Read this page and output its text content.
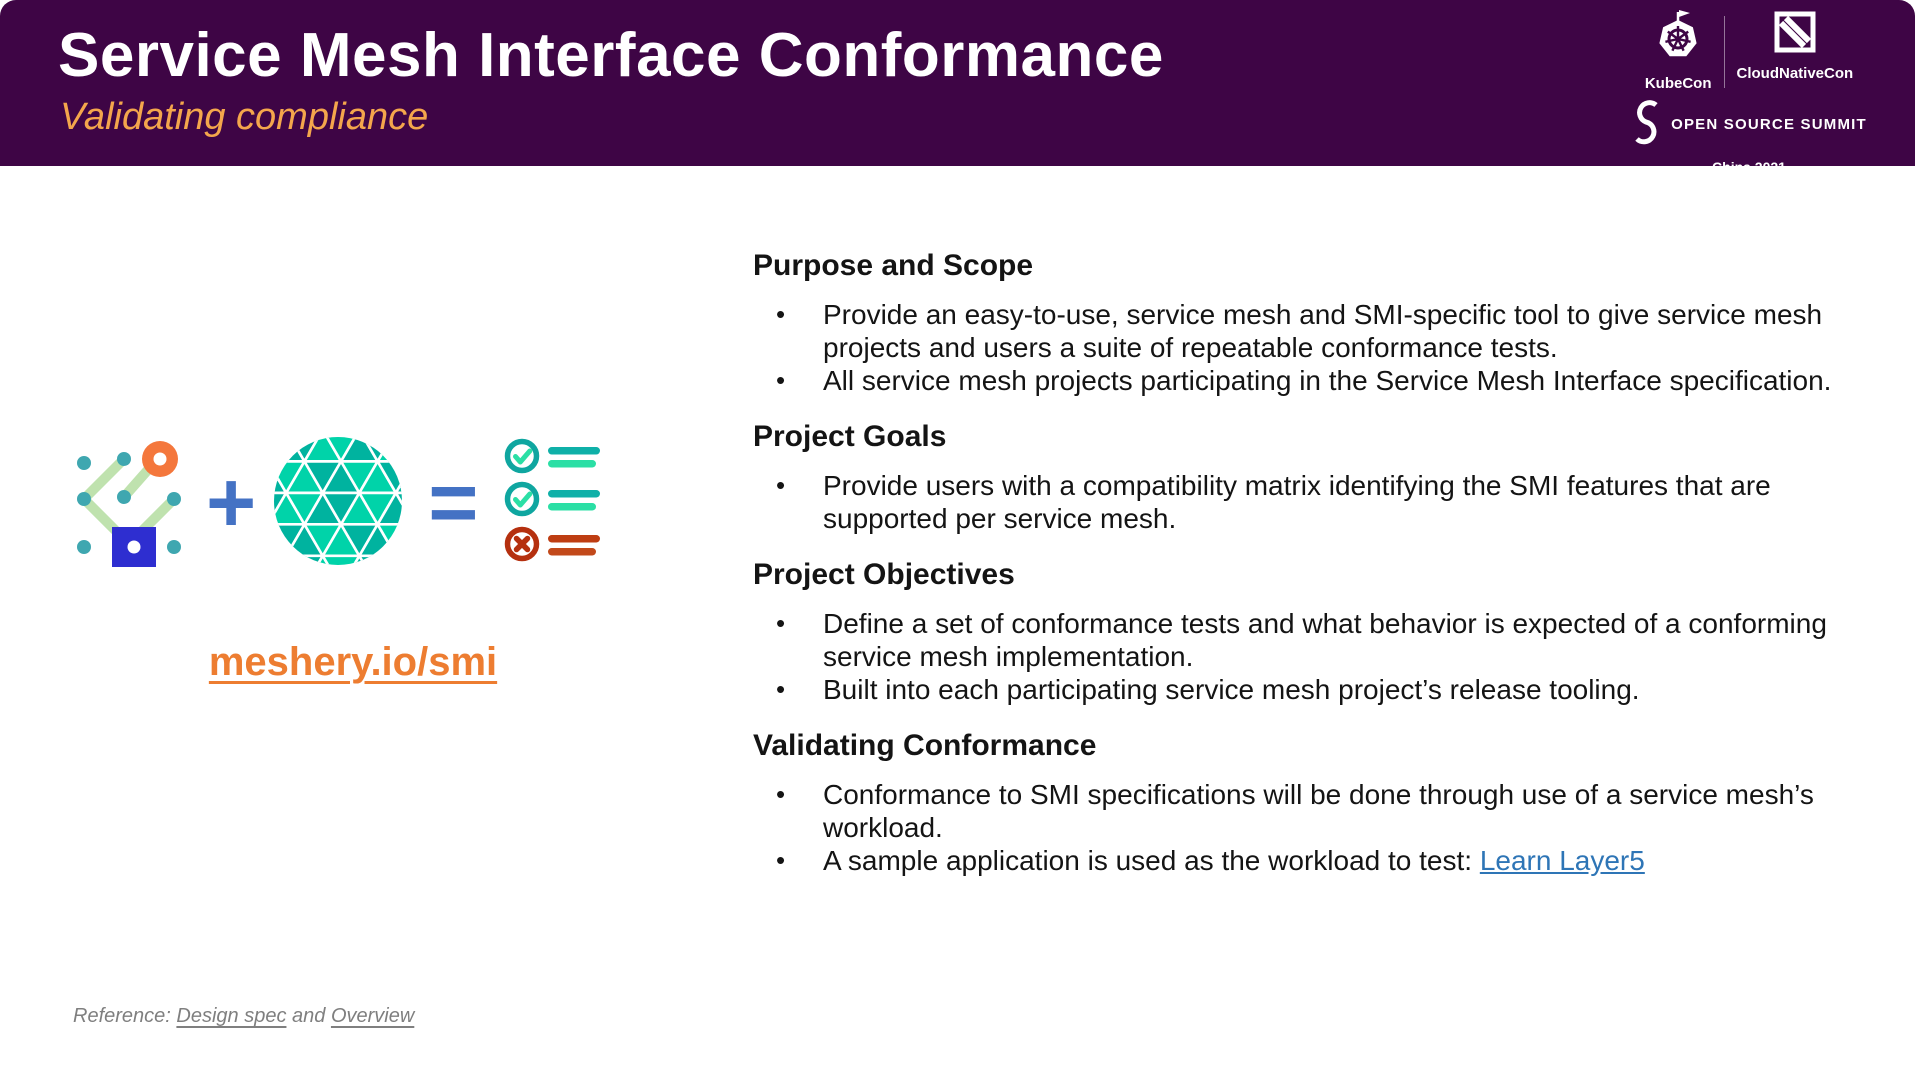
Service Mesh Interface Conformance
Validating compliance
KubeCon
CloudNativeCon
OPEN SOURCE SUMMIT
China 2021
+ =
meshery.io/smi
Purpose and Scope
• Provide an easy-to-use, service mesh and SMI-specific tool to give service mesh projects and users a suite of repeatable conformance tests.
• All service mesh projects participating in the Service Mesh Interface specification.
Project Goals
• Provide users with a compatibility matrix identifying the SMI features that are supported per service mesh.
Project Objectives
• Define a set of conformance tests and what behavior is expected of a conforming service mesh implementation.
• Built into each participating service mesh project’s release tooling.
Validating Conformance
• Conformance to SMI specifications will be done through use of a service mesh’s workload.
• A sample application is used as the workload to test: Learn Layer5
Reference: Design spec and Overview
